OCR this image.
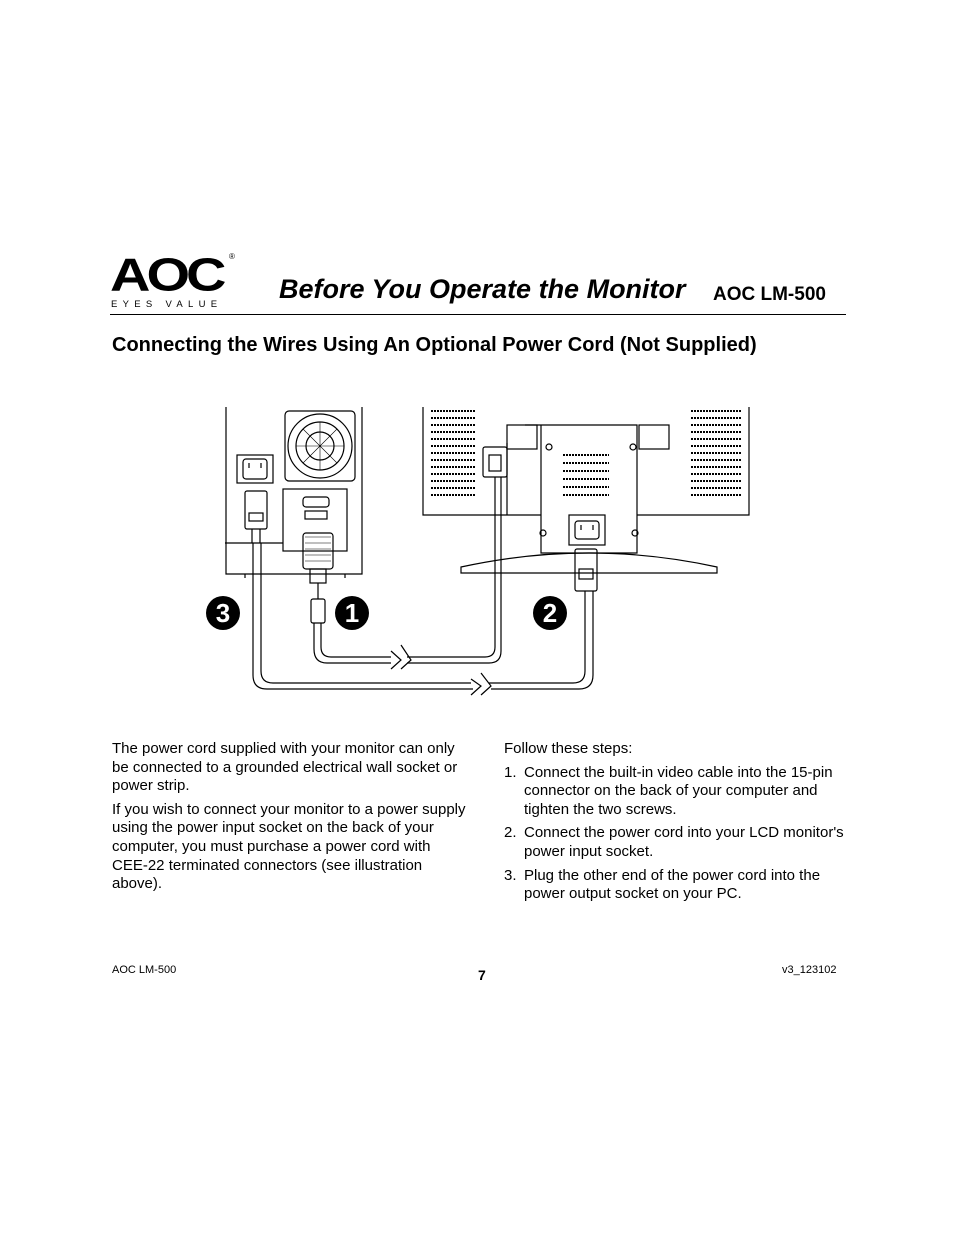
AOC ®
EYES VALUE
Before You Operate the Monitor AOC LM-500
Connecting the Wires Using An Optional Power Cord (Not Supplied)
3	1	2

The power cord supplied with your monitor can only be connected to a grounded electrical wall socket or power strip.

If you wish to connect your monitor to a power supply using the power input socket on the back of your computer, you must purchase a power cord with CEE-22 terminated connectors (see illustration above).

Follow these steps:

1. Connect the built-in video cable into the 15-pin connector on the back of your computer and tighten the two screws.
2. Connect the power cord into your LCD monitor's power input socket.
3. Plug the other end of the power cord into the power output socket on your PC.
AOC LM-500	7	v3_123102
